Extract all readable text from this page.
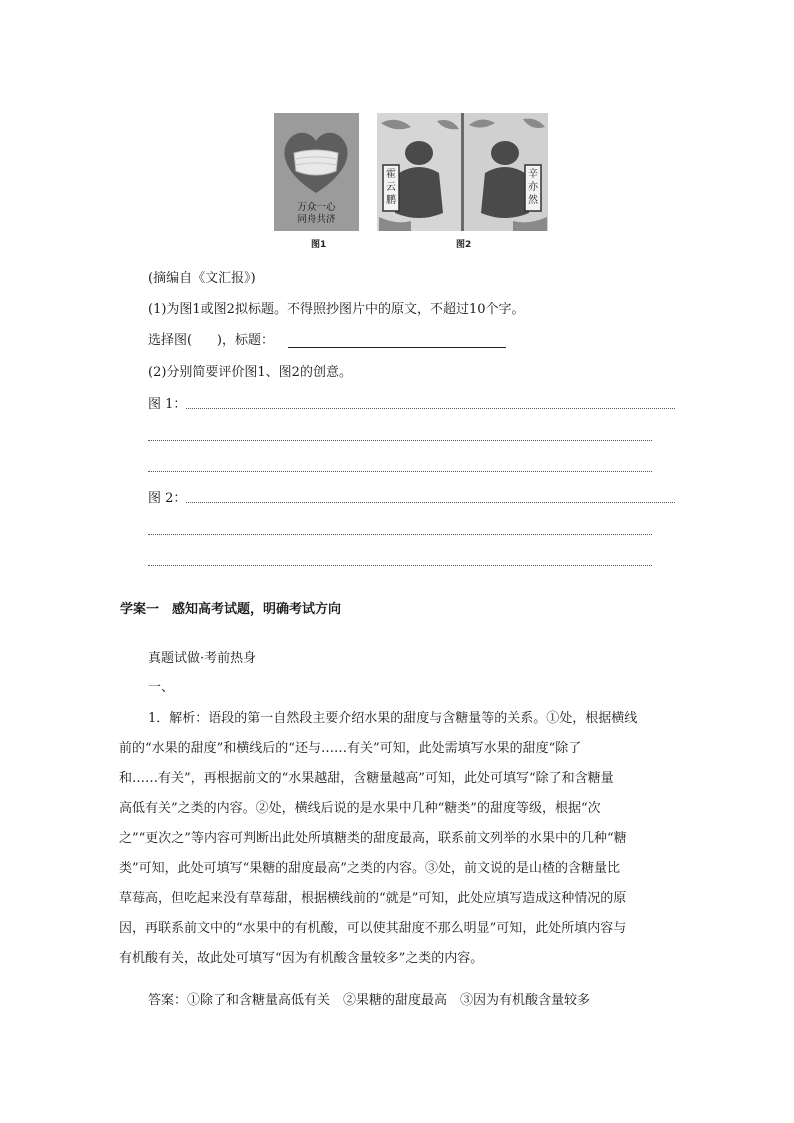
万众一心
同舟共济
图1
霍云鹏
辛亦然
图2
(摘编自《文汇报》)
(1)为图1或图2拟标题。不得照抄图片中的原文，不超过10个字。
选择图(      )，标题：
(2)分别简要评价图1、图2的创意。
图 1：
图 2：
学案一　感知高考试题，明确考试方向
真题试做·考前热身
一、
1．解析：语段的第一自然段主要介绍水果的甜度与含糖量等的关系。①处，根据横线
前的“水果的甜度”和横线后的“还与……有关”可知，此处需填写水果的甜度“除了
和……有关”，再根据前文的“水果越甜，含糖量越高”可知，此处可填写“除了和含糖量
高低有关”之类的内容。②处，横线后说的是水果中几种“糖类”的甜度等级，根据“次
之”“更次之”等内容可判断出此处所填糖类的甜度最高，联系前文列举的水果中的几种“糖
类”可知，此处可填写“果糖的甜度最高”之类的内容。③处，前文说的是山楂的含糖量比
草莓高，但吃起来没有草莓甜，根据横线前的“就是”可知，此处应填写造成这种情况的原
因，再联系前文中的“水果中的有机酸，可以使其甜度不那么明显”可知，此处所填内容与
有机酸有关，故此处可填写“因为有机酸含量较多”之类的内容。
答案：①除了和含糖量高低有关　②果糖的甜度最高　③因为有机酸含量较多
